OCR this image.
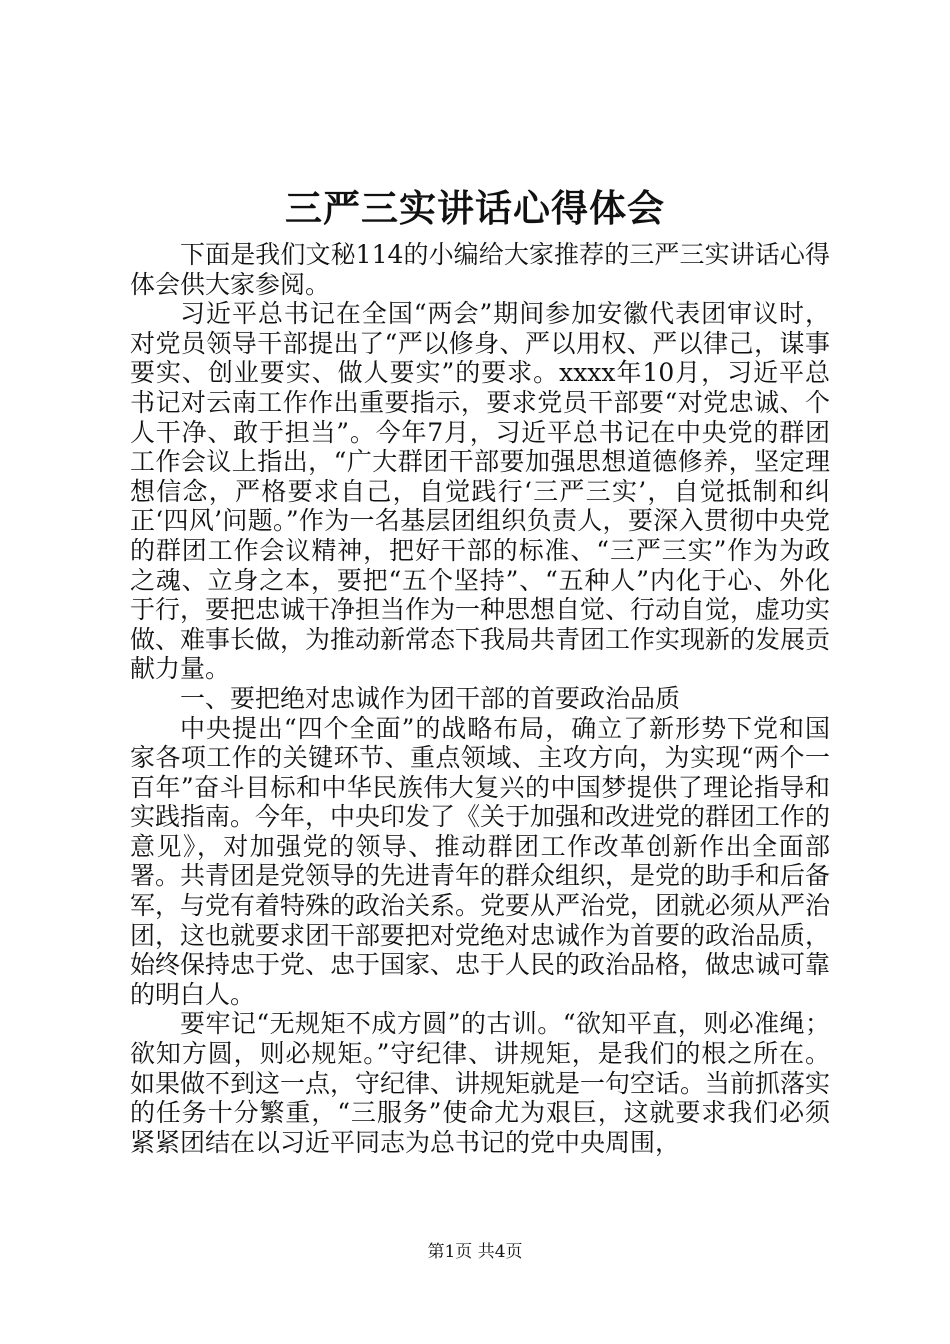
三严三实讲话心得体会

下面是我们文秘114的小编给大家推荐的三严三实讲话心得体会供大家参阅。

习近平总书记在全国“两会”期间参加安徽代表团审议时，对党员领导干部提出了“严以修身、严以用权、严以律己，谋事要实、创业要实、做人要实”的要求。xxxx年10月，习近平总书记对云南工作作出重要指示，要求党员干部要“对党忠诚、个人干净、敢于担当”。今年7月，习近平总书记在中央党的群团工作会议上指出，“广大群团干部要加强思想道德修养，坚定理想信念，严格要求自己，自觉践行‘三严三实’，自觉抵制和纠正‘四风’问题。”作为一名基层团组织负责人，要深入贯彻中央党的群团工作会议精神，把好干部的标准、“三严三实”作为为政之魂、立身之本，要把“五个坚持”、“五种人”内化于心、外化于行，要把忠诚干净担当作为一种思想自觉、行动自觉，虚功实做、难事长做，为推动新常态下我局共青团工作实现新的发展贡献力量。

一、要把绝对忠诚作为团干部的首要政治品质

中央提出“四个全面”的战略布局，确立了新形势下党和国家各项工作的关键环节、重点领域、主攻方向，为实现“两个一百年”奋斗目标和中华民族伟大复兴的中国梦提供了理论指导和实践指南。今年，中央印发了《关于加强和改进党的群团工作的意见》，对加强党的领导、推动群团工作改革创新作出全面部署。共青团是党领导的先进青年的群众组织，是党的助手和后备军，与党有着特殊的政治关系。党要从严治党，团就必须从严治团，这也就要求团干部要把对党绝对忠诚作为首要的政治品质，始终保持忠于党、忠于国家、忠于人民的政治品格，做忠诚可靠的明白人。

要牢记“无规矩不成方圆”的古训。“欲知平直，则必准绳；欲知方圆，则必规矩。”守纪律、讲规矩，是我们的根之所在。如果做不到这一点，守纪律、讲规矩就是一句空话。当前抓落实的任务十分繁重，“三服务”使命尤为艰巨，这就要求我们必须紧紧团结在以习近平同志为总书记的党中央周围，

第1页 共4页
